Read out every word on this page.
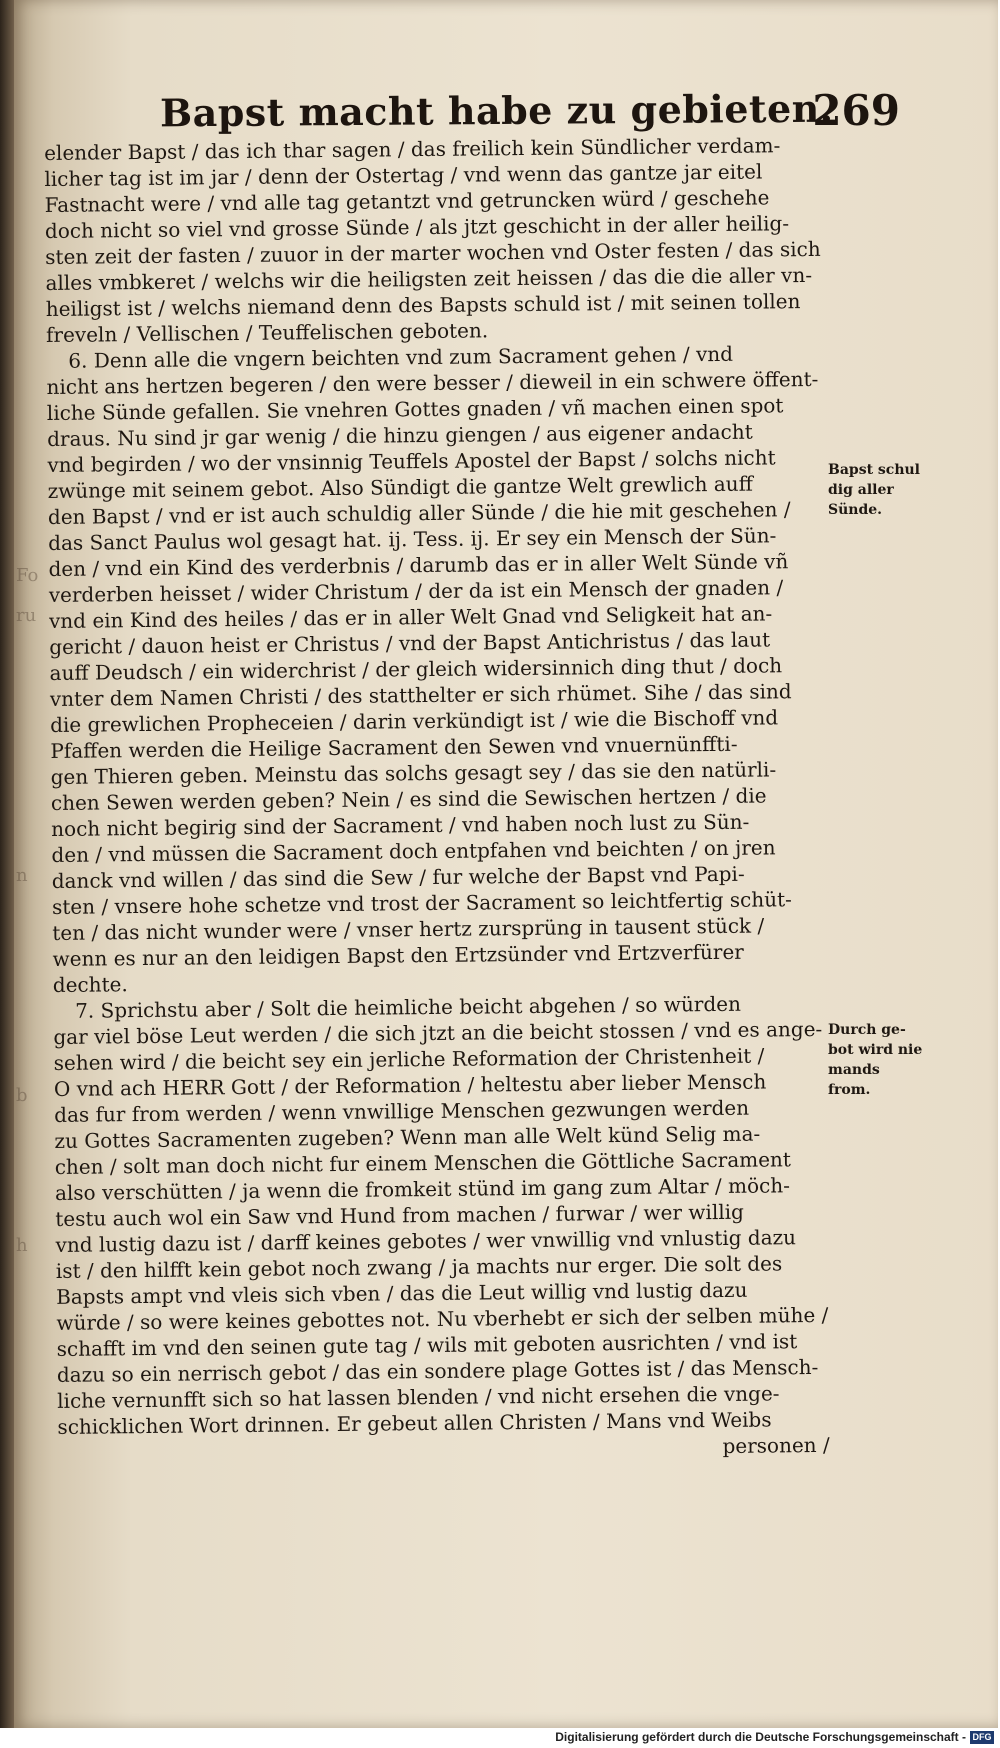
Fo
ru
n
b
h
Bapst macht habe zu gebieten.
269
elender Bapst / das ich thar sagen / das freilich kein Sündlicher verdam-
licher tag ist im jar / denn der Ostertag / vnd wenn das gantze jar eitel
Fastnacht were / vnd alle tag getantzt vnd getruncken würd / geschehe
doch nicht so viel vnd grosse Sünde / als jtzt geschicht in der aller heilig-
sten zeit der fasten / zuuor in der marter wochen vnd Oster festen / das sich
alles vmbkeret / welchs wir die heiligsten zeit heissen / das die die aller vn-
heiligst ist / welchs niemand denn des Bapsts schuld ist / mit seinen tollen
freveln / Vellischen / Teuffelischen geboten.
6. Denn alle die vngern beichten vnd zum Sacrament gehen / vnd
nicht ans hertzen begeren / den were besser / dieweil in ein schwere öffent-
liche Sünde gefallen. Sie vnehren Gottes gnaden / vñ machen einen spot
draus. Nu sind jr gar wenig / die hinzu giengen / aus eigener andacht
vnd begirden / wo der vnsinnig Teuffels Apostel der Bapst / solchs nicht
zwünge mit seinem gebot. Also Sündigt die gantze Welt grewlich auff
den Bapst / vnd er ist auch schuldig aller Sünde / die hie mit geschehen /
das Sanct Paulus wol gesagt hat. ij. Tess. ij. Er sey ein Mensch der Sün-
den / vnd ein Kind des verderbnis / darumb das er in aller Welt Sünde vñ
verderben heisset / wider Christum / der da ist ein Mensch der gnaden /
vnd ein Kind des heiles / das er in aller Welt Gnad vnd Seligkeit hat an-
gericht / dauon heist er Christus / vnd der Bapst Antichristus / das laut
auff Deudsch / ein widerchrist / der gleich widersinnich ding thut / doch
vnter dem Namen Christi / des statthelter er sich rhümet. Sihe / das sind
die grewlichen Propheceien / darin verkündigt ist / wie die Bischoff vnd
Pfaffen werden die Heilige Sacrament den Sewen vnd vnuernünffti-
gen Thieren geben. Meinstu das solchs gesagt sey / das sie den natürli-
chen Sewen werden geben? Nein / es sind die Sewischen hertzen / die
noch nicht begirig sind der Sacrament / vnd haben noch lust zu Sün-
den / vnd müssen die Sacrament doch entpfahen vnd beichten / on jren
danck vnd willen / das sind die Sew / fur welche der Bapst vnd Papi-
sten / vnsere hohe schetze vnd trost der Sacrament so leichtfertig schüt-
ten / das nicht wunder were / vnser hertz zursprüng in tausent stück /
wenn es nur an den leidigen Bapst den Ertzsünder vnd Ertzverfürer
dechte.
7. Sprichstu aber / Solt die heimliche beicht abgehen / so würden
gar viel böse Leut werden / die sich jtzt an die beicht stossen / vnd es ange-
sehen wird / die beicht sey ein jerliche Reformation der Christenheit /
O vnd ach HERR Gott / der Reformation / heltestu aber lieber Mensch
das fur from werden / wenn vnwillige Menschen gezwungen werden
zu Gottes Sacramenten zugeben? Wenn man alle Welt künd Selig ma-
chen / solt man doch nicht fur einem Menschen die Göttliche Sacrament
also verschütten / ja wenn die fromkeit stünd im gang zum Altar / möch-
testu auch wol ein Saw vnd Hund from machen / furwar / wer willig
vnd lustig dazu ist / darff keines gebotes / wer vnwillig vnd vnlustig dazu
ist / den hilfft kein gebot noch zwang / ja machts nur erger. Die solt des
Bapsts ampt vnd vleis sich vben / das die Leut willig vnd lustig dazu
würde / so were keines gebottes not. Nu vberhebt er sich der selben mühe /
schafft im vnd den seinen gute tag / wils mit geboten ausrichten / vnd ist
dazu so ein nerrisch gebot / das ein sondere plage Gottes ist / das Mensch-
liche vernunfft sich so hat lassen blenden / vnd nicht ersehen die vnge-
schicklichen Wort drinnen. Er gebeut allen Christen / Mans vnd Weibs
personen /
Bapst schul
dig aller
Sünde.
Durch ge-
bot wird nie
mands
from.
Digitalisierung gefördert durch die Deutsche Forschungsgemeinschaft - DFG
